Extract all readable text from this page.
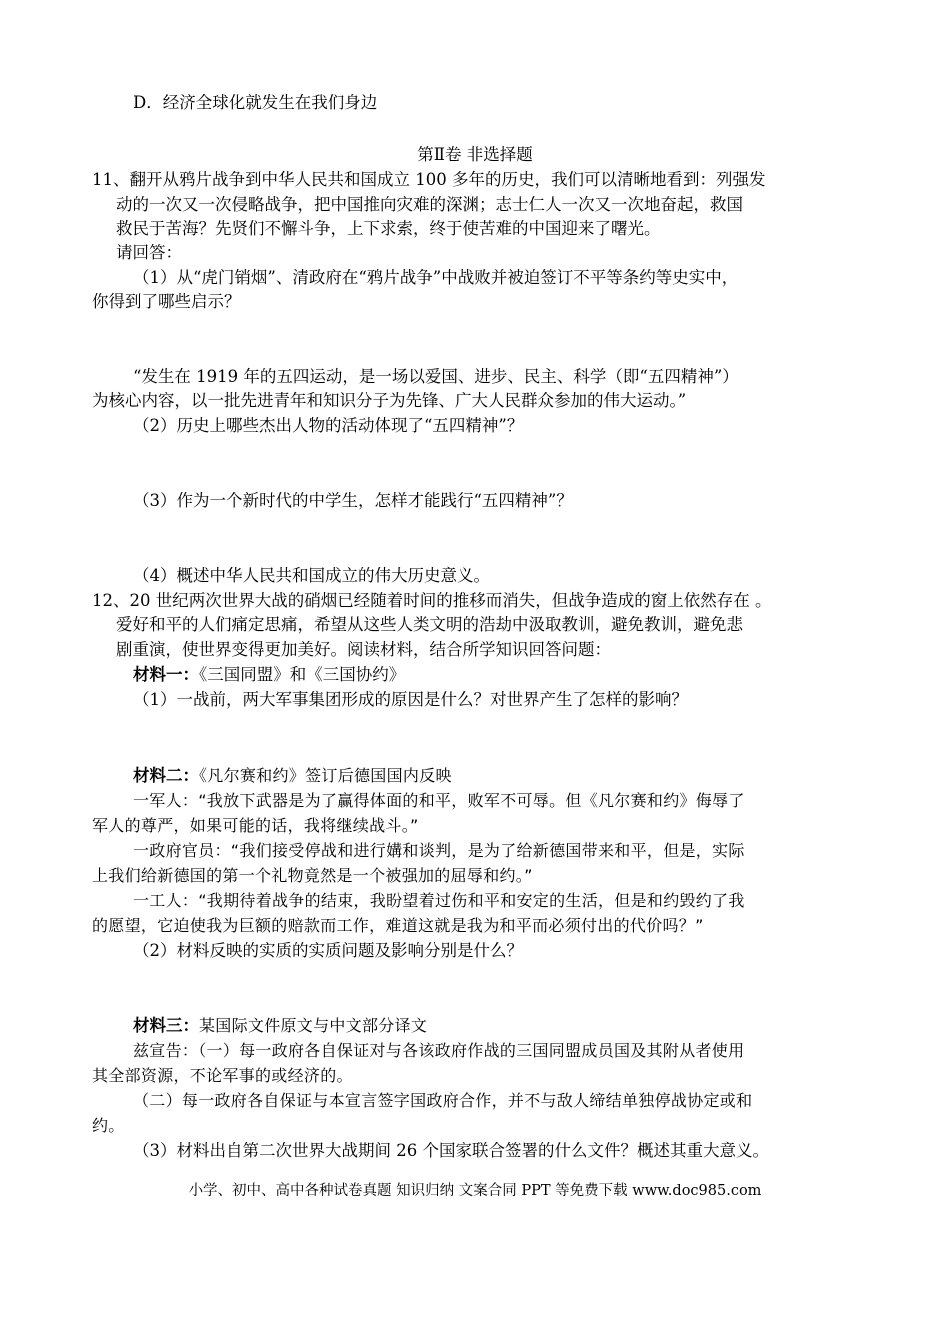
D．经济全球化就发生在我们身边
第Ⅱ卷 非选择题
11、翻开从鸦片战争到中华人民共和国成立 100 多年的历史，我们可以清晰地看到：列强发
动的一次又一次侵略战争，把中国推向灾难的深渊；志士仁人一次又一次地奋起，救国
救民于苦海？先贤们不懈斗争，上下求索，终于使苦难的中国迎来了曙光。
请回答：
（1）从“虎门销烟”、清政府在“鸦片战争”中战败并被迫签订不平等条约等史实中，
你得到了哪些启示？
“发生在 1919 年的五四运动，是一场以爱国、进步、民主、科学（即“五四精神”）
为核心内容，以一批先进青年和知识分子为先锋、广大人民群众参加的伟大运动。”
（2）历史上哪些杰出人物的活动体现了“五四精神”？
（3）作为一个新时代的中学生，怎样才能践行“五四精神”？
（4）概述中华人民共和国成立的伟大历史意义。
12、20 世纪两次世界大战的硝烟已经随着时间的推移而消失，但战争造成的窗上依然存在 。
爱好和平的人们痛定思痛，希望从这些人类文明的浩劫中汲取教训，避免教训，避免悲
剧重演，使世界变得更加美好。阅读材料，结合所学知识回答问题：
材料一：《三国同盟》和《三国协约》
（1）一战前，两大军事集团形成的原因是什么？对世界产生了怎样的影响？
材料二：《凡尔赛和约》签订后德国国内反映
一军人：“我放下武器是为了赢得体面的和平，败军不可辱。但《凡尔赛和约》侮辱了
军人的尊严，如果可能的话，我将继续战斗。”
一政府官员：“我们接受停战和进行媾和谈判，是为了给新德国带来和平，但是，实际
上我们给新德国的第一个礼物竟然是一个被强加的屈辱和约。”
一工人：“我期待着战争的结束，我盼望着过伤和平和安定的生活，但是和约毁约了我
的愿望，它迫使我为巨额的赔款而工作，难道这就是我为和平而必须付出的代价吗？”
（2）材料反映的实质的实质问题及影响分别是什么？
材料三：某国际文件原文与中文部分译文
兹宣告：（一）每一政府各自保证对与各该政府作战的三国同盟成员国及其附从者使用
其全部资源，不论军事的或经济的。
（二）每一政府各自保证与本宣言签字国政府合作，并不与敌人缔结单独停战协定或和
约。
（3）材料出自第二次世界大战期间 26 个国家联合签署的什么文件？概述其重大意义。
小学、初中、高中各种试卷真题 知识归纳 文案合同 PPT 等免费下载 www.doc985.com
